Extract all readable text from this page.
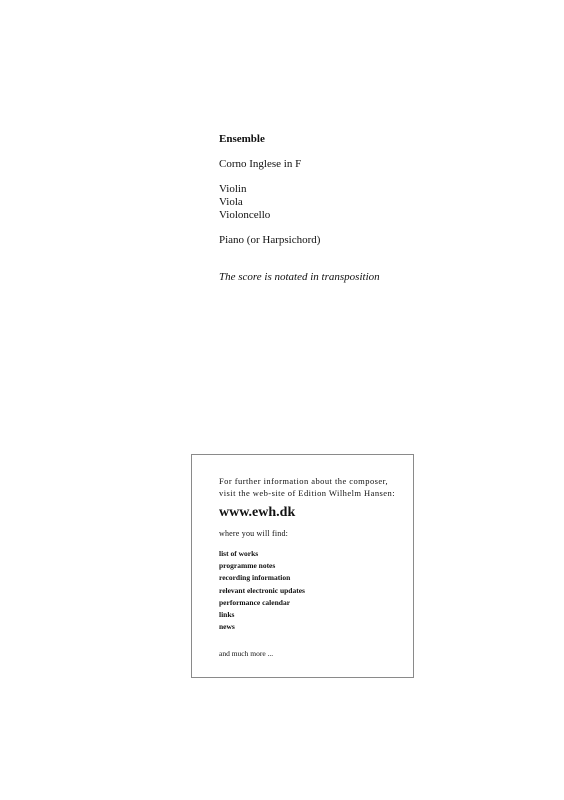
Ensemble
Corno Inglese in F
Violin
Viola
Violoncello
Piano (or Harpsichord)
The score is notated in transposition
For further information about the composer,
visit the web-site of Edition Wilhelm Hansen:
www.ewh.dk
where you will find:
list of works
programme notes
recording information
relevant electronic updates
performance calendar
links
news
and much more ...
